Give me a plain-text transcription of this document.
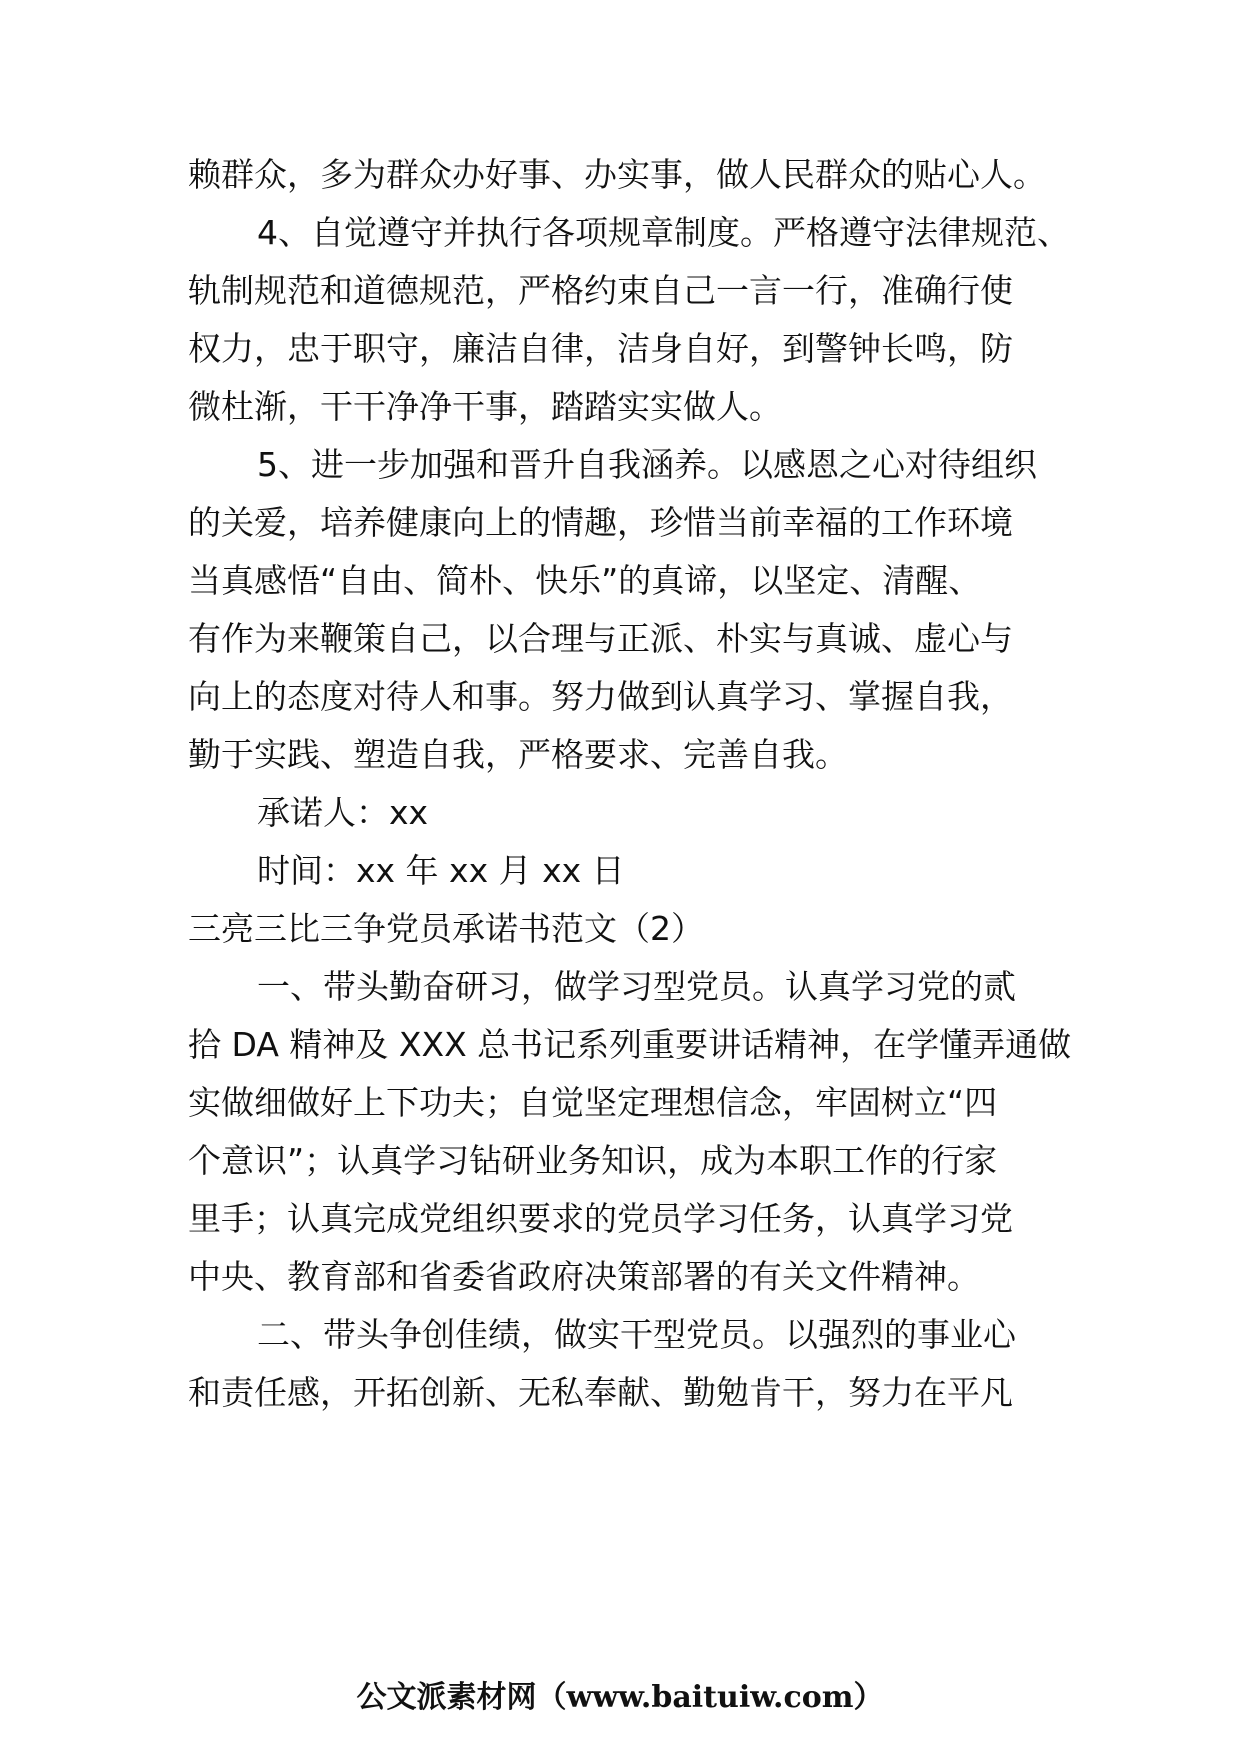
赖群众，多为群众办好事、办实事，做人民群众的贴心人。
4、自觉遵守并执行各项规章制度。严格遵守法律规范、
轨制规范和道德规范，严格约束自己一言一行，准确行使
权力，忠于职守，廉洁自律，洁身自好，到警钟长鸣，防
微杜渐，干干净净干事，踏踏实实做人。
5、进一步加强和晋升自我涵养。以感恩之心对待组织
的关爱，培养健康向上的情趣，珍惜当前幸福的工作环境
当真感悟“自由、简朴、快乐”的真谛，以坚定、清醒、
有作为来鞭策自己，以合理与正派、朴实与真诚、虚心与
向上的态度对待人和事。努力做到认真学习、掌握自我，
勤于实践、塑造自我，严格要求、完善自我。
承诺人：xx
时间：xx 年 xx 月 xx 日
三亮三比三争党员承诺书范文（2）
一、带头勤奋研习，做学习型党员。认真学习党的贰
拾 DA 精神及 XXX 总书记系列重要讲话精神，在学懂弄通做
实做细做好上下功夫；自觉坚定理想信念，牢固树立“四
个意识”；认真学习钻研业务知识，成为本职工作的行家
里手；认真完成党组织要求的党员学习任务，认真学习党
中央、教育部和省委省政府决策部署的有关文件精神。
二、带头争创佳绩，做实干型党员。以强烈的事业心
和责任感，开拓创新、无私奉献、勤勉肯干，努力在平凡
公文派素材网（www.baituiw.com）
